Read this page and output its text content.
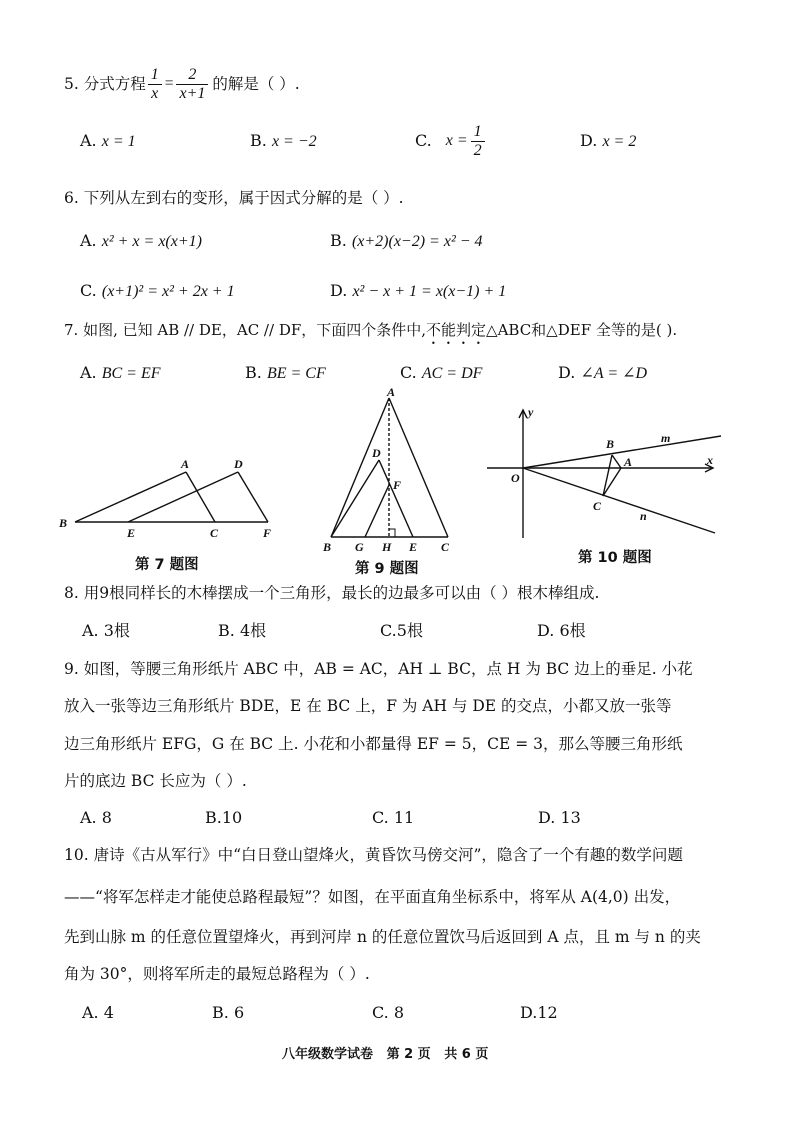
5. 分式方程 $\frac{1}{x} = \frac{2}{x+1}$ 的解是（ ）.
A. x = 1	B. x = −2	C. $x = \frac{1}{2}$	D. x = 2
6. 下列从左到右的变形，属于因式分解的是（ ）.
A. x² + x = x(x+1)	B. (x+2)(x−2) = x² − 4
C. (x+1)² = x² + 2x + 1	D. x² − x + 1 = x(x−1) + 1
7. 如图, 已知 AB // DE，AC // DF，下面四个条件中,不能判定△ABC和△DEF 全等的是( ).
A. BC = EF	B. BE = CF	C. AC = DF	D. ∠A = ∠D
A	D
B
E	C	F
第 7 题图
A
D
F
B G H E C
第 9 题图
y
x
O
B
A
C
m
n
第 10 题图
8. 用9根同样长的木棒摆成一个三角形，最长的边最多可以由（ ）根木棒组成.
A. 3根	B. 4根	C.5根	D. 6根
9. 如图，等腰三角形纸片 ABC 中，AB = AC，AH ⊥ BC，点 H 为 BC 边上的垂足. 小花
放入一张等边三角形纸片 BDE，E 在 BC 上，F 为 AH 与 DE 的交点，小都又放一张等
边三角形纸片 EFG，G 在 BC 上. 小花和小都量得 EF = 5，CE = 3，那么等腰三角形纸
片的底边 BC 长应为（ ）.
A. 8	B.10	C. 11	D. 13
10. 唐诗《古从军行》中“白日登山望烽火，黄昏饮马傍交河”，隐含了一个有趣的数学问题
——“将军怎样走才能使总路程最短”？如图，在平面直角坐标系中，将军从 A(4,0) 出发，
先到山脉 m 的任意位置望烽火，再到河岸 n 的任意位置饮马后返回到 A 点，且 m 与 n 的夹
角为 30°，则将军所走的最短总路程为（ ）.
A. 4	B. 6	C. 8	D.12
八年级数学试卷   第 2 页   共 6 页
